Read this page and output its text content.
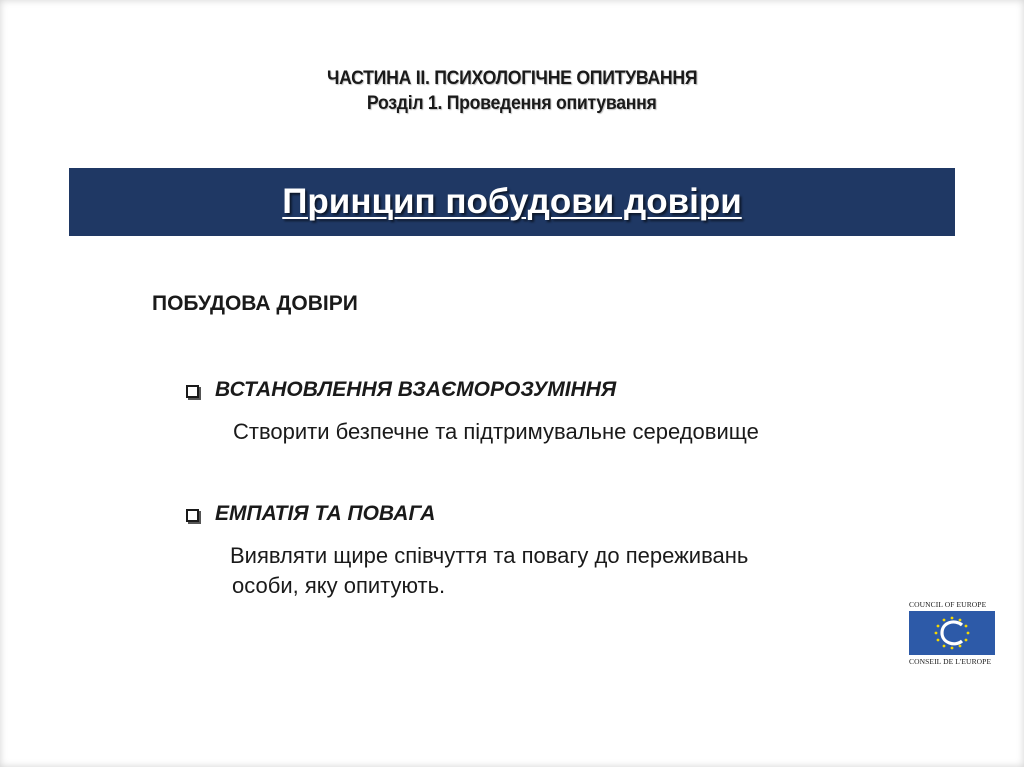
ЧАСТИНА ІІ. ПСИХОЛОГІЧНЕ ОПИТУВАННЯ
Розділ 1. Проведення опитування
Принцип побудови довіри
ПОБУДОВА ДОВІРИ
ВСТАНОВЛЕННЯ ВЗАЄМОРОЗУМІННЯ
Створити безпечне та підтримувальне середовище
ЕМПАТІЯ ТА ПОВАГА
Виявляти щире співчуття та повагу до переживань
особи, яку опитують.
COUNCIL OF EUROPE
CONSEIL DE L'EUROPE
